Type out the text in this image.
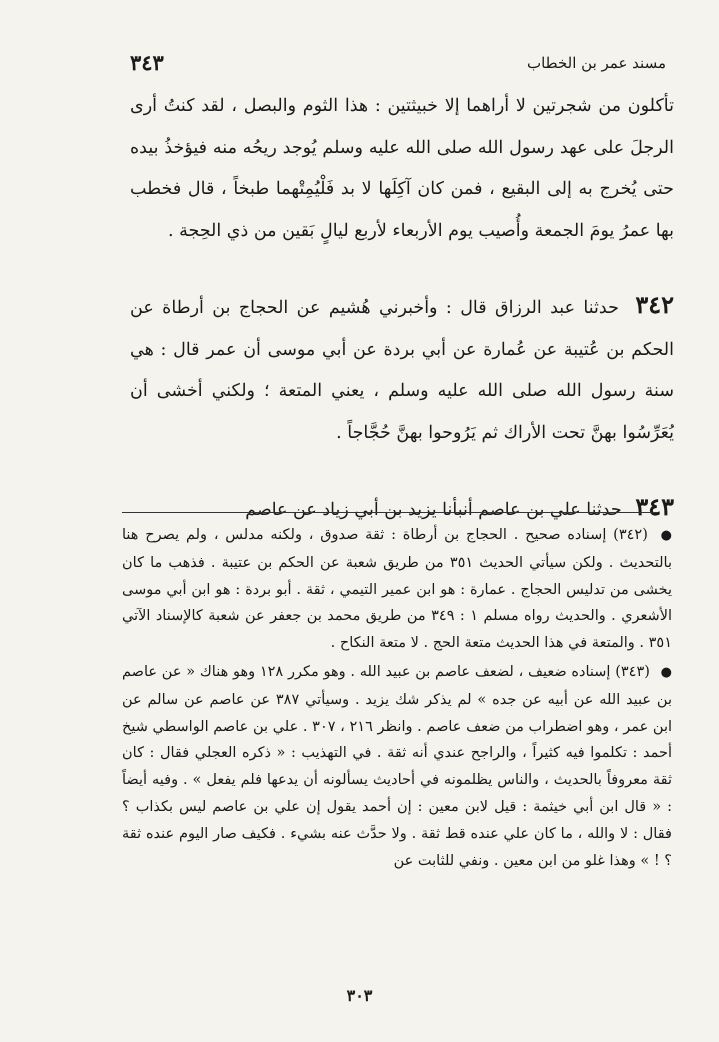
مسند عمر بن الخطاب
٣٤٣

تأكلون من شجرتين لا أراهما إلا خبيثتين : هذا الثوم والبصل ، لقد كنتُ أرى الرجلَ على عهد رسول الله صلى الله عليه وسلم يُوجد ريحُه منه فيؤخذُ بيده حتى يُخرج به إلى البقيع ، فمن كان آكِلَها لا بد فَلْيُمِتْهما طبخاً ، قال فخطب بها عمرُ يومَ الجمعة وأُصيب يوم الأربعاء لأربع ليالٍ بَقين من ذي الحِجة .

٣٤٢ حدثنا عبد الرزاق قال : وأخبرني هُشيم عن الحجاج بن أرطاة عن الحكم بن عُتيبة عن عُمارة عن أبي بردة عن أبي موسى أن عمر قال : هي سنة رسول الله صلى الله عليه وسلم ، يعني المتعة ؛ ولكني أخشى أن يُعَرِّسُوا بهنَّ تحت الأراك ثم يَرُوحوا بهنَّ حُجَّاجاً .

٣٤٣ حدثنا علي بن عاصم أنبأنا يزيد بن أبي زياد عن عاصم

● (٣٤٢) إسناده صحيح . الحجاج بن أرطاة : ثقة صدوق ، ولكنه مدلس ، ولم يصرح هنا بالتحديث . ولكن سيأتي الحديث ٣٥١ من طريق شعبة عن الحكم بن عتيبة . فذهب ما كان يخشى من تدليس الحجاج . عمارة : هو ابن عمير التيمي ، ثقة . أبو بردة : هو ابن أبي موسى الأشعري . والحديث رواه مسلم ١ : ٣٤٩ من طريق محمد بن جعفر عن شعبة كالإسناد الآتي ٣٥١ . والمتعة في هذا الحديث متعة الحج . لا متعة النكاح .

● (٣٤٣) إسناده ضعيف ، لضعف عاصم بن عبيد الله . وهو مكرر ١٢٨ وهو هناك « عن عاصم بن عبيد الله عن أبيه عن جده » لم يذكر شك يزيد . وسيأتي ٣٨٧ عن عاصم عن سالم عن ابن عمر ، وهو اضطراب من ضعف عاصم . وانظر ٢١٦ ، ٣٠٧ . علي بن عاصم الواسطي شيخ أحمد : تكلموا فيه كثيراً ، والراجح عندي أنه ثقة . في التهذيب : « ذكره العجلي فقال : كان ثقة معروفاً بالحديث ، والناس يظلمونه في أحاديث يسألونه أن يدعها فلم يفعل » . وفيه أيضاً : « قال ابن أبي خيثمة : قيل لابن معين : إن أحمد يقول إن علي بن عاصم ليس بكذاب ؟ فقال : لا والله ، ما كان علي عنده قط ثقة . ولا حدَّث عنه بشيء . فكيف صار اليوم عنده ثقة ؟ ! » وهذا غلو من ابن معين . ونفي للثابت عن

٣٠٣
